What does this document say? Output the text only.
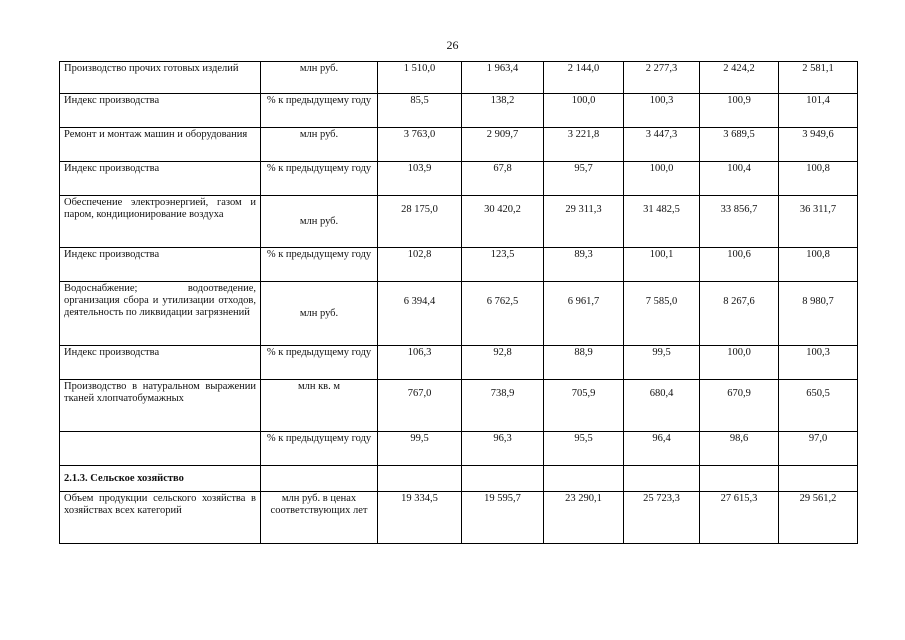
26
Производство прочих готовых изделий	млн руб.	1 510,0	1 963,4	2 144,0	2 277,3	2 424,2	2 581,1
Индекс производства	% к предыдущему году	85,5	138,2	100,0	100,3	100,9	101,4
Ремонт и монтаж машин и оборудования	млн руб.	3 763,0	2 909,7	3 221,8	3 447,3	3 689,5	3 949,6
Индекс производства	% к предыдущему году	103,9	67,8	95,7	100,0	100,4	100,8
Обеспечение электроэнергией, газом и паром, кондиционирование воздуха	млн руб.	28 175,0	30 420,2	29 311,3	31 482,5	33 856,7	36 311,7
Индекс производства	% к предыдущему году	102,8	123,5	89,3	100,1	100,6	100,8
Водоснабжение; водоотведение, организация сбора и утилизации отходов, деятельность по ликвидации загрязнений	млн руб.	6 394,4	6 762,5	6 961,7	7 585,0	8 267,6	8 980,7
Индекс производства	% к предыдущему году	106,3	92,8	88,9	99,5	100,0	100,3
Производство в натуральном выражении тканей хлопчатобумажных	млн кв. м	767,0	738,9	705,9	680,4	670,9	650,5
	% к предыдущему году	99,5	96,3	95,5	96,4	98,6	97,0
2.1.3. Сельское хозяйство							
Объем продукции сельского хозяйства в хозяйствах всех категорий	млн руб. в ценах соответствующих лет	19 334,5	19 595,7	23 290,1	25 723,3	27 615,3	29 561,2
